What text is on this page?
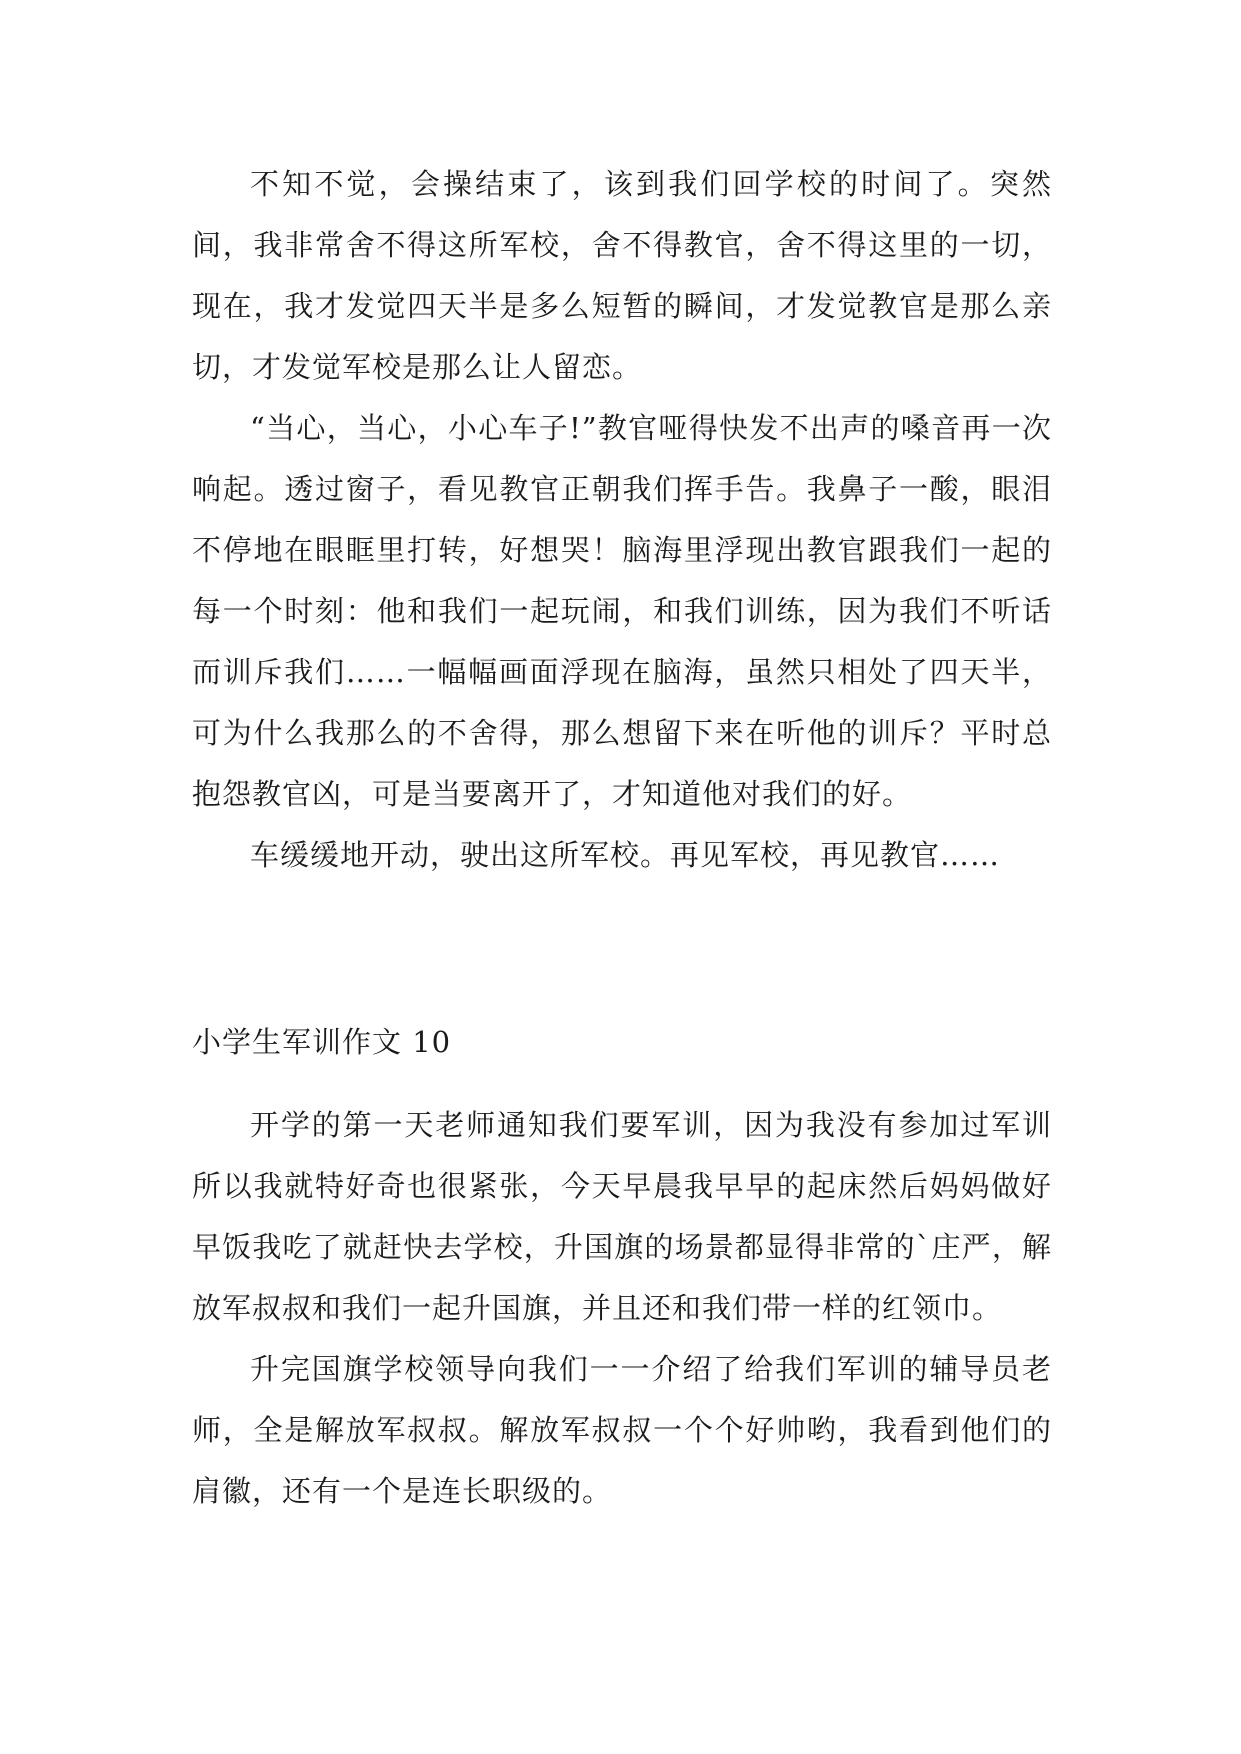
不知不觉，会操结束了，该到我们回学校的时间了。突然间，我非常舍不得这所军校，舍不得教官，舍不得这里的一切，现在，我才发觉四天半是多么短暂的瞬间，才发觉教官是那么亲切，才发觉军校是那么让人留恋。

“当心，当心，小心车子!”教官哑得快发不出声的嗓音再一次响起。透过窗子，看见教官正朝我们挥手告。我鼻子一酸，眼泪不停地在眼眶里打转，好想哭！脑海里浮现出教官跟我们一起的每一个时刻：他和我们一起玩闹，和我们训练，因为我们不听话而训斥我们……一幅幅画面浮现在脑海，虽然只相处了四天半，可为什么我那么的不舍得，那么想留下来在听他的训斥？平时总抱怨教官凶，可是当要离开了，才知道他对我们的好。

车缓缓地开动，驶出这所军校。再见军校，再见教官……

小学生军训作文 10

开学的第一天老师通知我们要军训，因为我没有参加过军训所以我就特好奇也很紧张，今天早晨我早早的起床然后妈妈做好早饭我吃了就赶快去学校，升国旗的场景都显得非常的`庄严，解放军叔叔和我们一起升国旗，并且还和我们带一样的红领巾。

升完国旗学校领导向我们一一介绍了给我们军训的辅导员老师，全是解放军叔叔。解放军叔叔一个个好帅哟，我看到他们的肩徽，还有一个是连长职级的。
